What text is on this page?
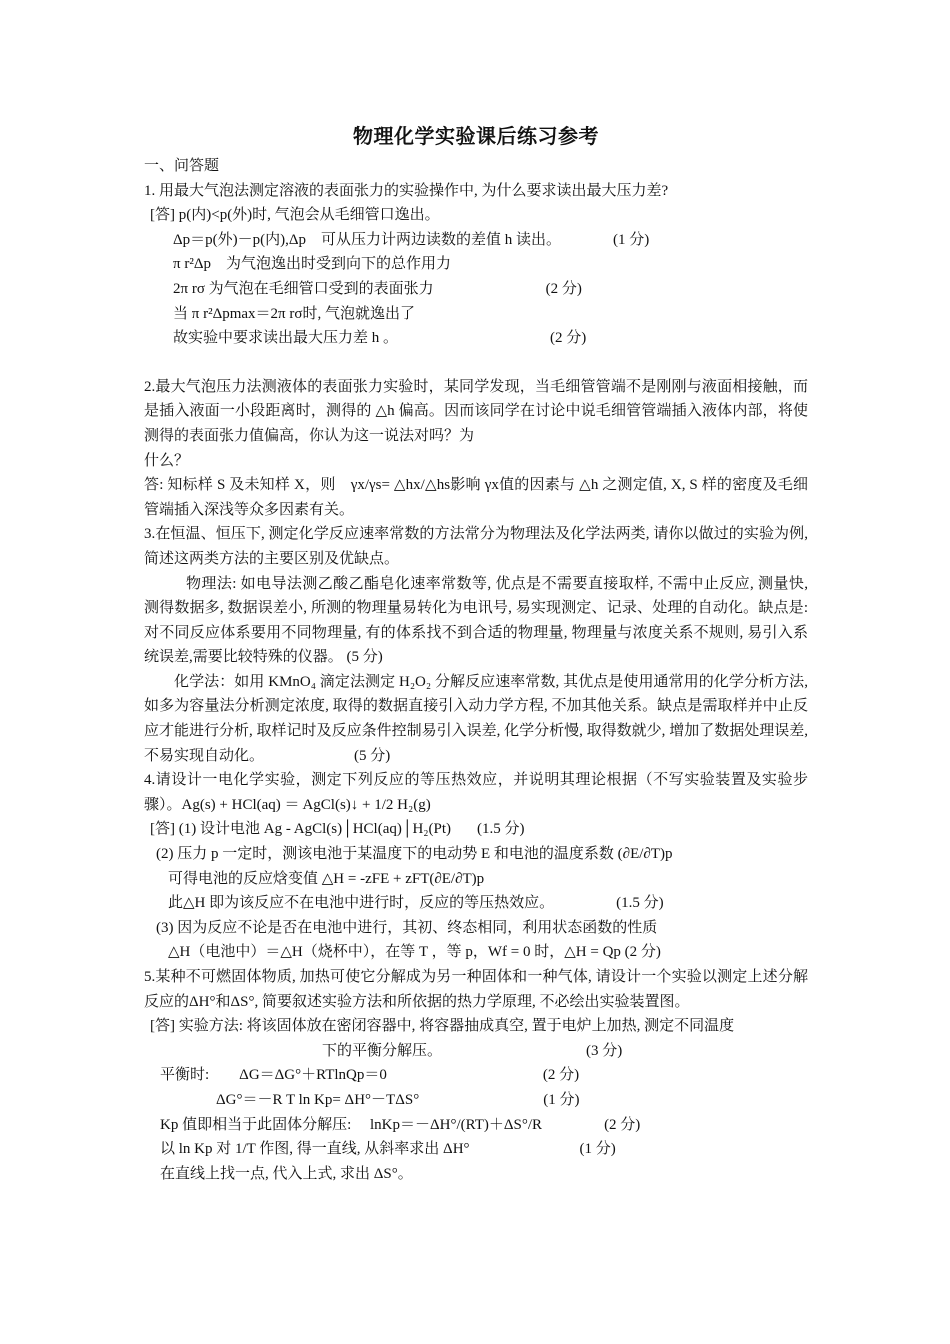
物理化学实验课后练习参考

一、问答题

1. 用最大气泡法测定溶液的表面张力的实验操作中, 为什么要求读出最大压力差?

[答] p(内)<p(外)时, 气泡会从毛细管口逸出。

Δp＝p(外)－p(内),Δp　可从压力计两边读数的差值 h 读出。	(1 分)

π r²Δp　为气泡逸出时受到向下的总作用力

2π rσ 为气泡在毛细管口受到的表面张力	(2 分)

当 π r²Δpmax＝2π rσ时, 气泡就逸出了

故实验中要求读出最大压力差 h 。	(2 分)

2.最大气泡压力法测液体的表面张力实验时，某同学发现，当毛细管管端不是刚刚与液面相接触，而是插入液面一小段距离时，测得的 △h 偏高。因而该同学在讨论中说毛细管管端插入液体内部，将使测得的表面张力值偏高，你认为这一说法对吗？为

什么？

答: 知标样 S 及未知样 X，则　γx/γs= △hx/△hs影响 γx值的因素与 △h 之测定值, X, S 样的密度及毛细管端插入深浅等众多因素有关。

3.在恒温、恒压下, 测定化学反应速率常数的方法常分为物理法及化学法两类, 请你以做过的实验为例, 简述这两类方法的主要区别及优缺点。

物理法: 如电导法测乙酸乙酯皂化速率常数等, 优点是不需要直接取样, 不需中止反应, 测量快, 测得数据多, 数据误差小, 所测的物理量易转化为电讯号, 易实现测定、记录、处理的自动化。缺点是:对不同反应体系要用不同物理量, 有的体系找不到合适的物理量, 物理量与浓度关系不规则, 易引入系统误差,需要比较特殊的仪器。 (5 分)

化学法：如用 KMnO₄ 滴定法测定 H₂O₂ 分解反应速率常数, 其优点是使用通常用的化学分析方法, 如多为容量法分析测定浓度, 取得的数据直接引入动力学方程, 不加其他关系。缺点是需取样并中止反应才能进行分析, 取样记时及反应条件控制易引入误差, 化学分析慢, 取得数就少, 增加了数据处理误差, 不易实现自动化。	(5 分)

4.请设计一电化学实验，测定下列反应的等压热效应，并说明其理论根据（不写实验装置及实验步骤）。Ag(s) + HCl(aq) ＝ AgCl(s)↓ + 1/2 H₂(g)

[答] (1) 设计电池 Ag - AgCl(s)│HCl(aq)│H₂(Pt) (1.5 分)

(2) 压力 p 一定时，测该电池于某温度下的电动势 E 和电池的温度系数 (∂E/∂T)p

可得电池的反应焓变值 △H = -zFE + zFT(∂E/∂T)p

此△H 即为该反应不在电池中进行时，反应的等压热效应。	(1.5 分)

(3) 因为反应不论是否在电池中进行，其初、终态相同，利用状态函数的性质

△H（电池中）＝△H（烧杯中），在等 T ，等 p，Wf = 0 时，△H = Qp (2 分)

5.某种不可燃固体物质, 加热可使它分解成为另一种固体和一种气体, 请设计一个实验以测定上述分解反应的ΔH°和ΔS°, 简要叙述实验方法和所依据的热力学原理, 不必绘出实验装置图。

[答] 实验方法: 将该固体放在密闭容器中, 将容器抽成真空, 置于电炉上加热, 测定不同温度

下的平衡分解压。	(3 分)

平衡时:　　ΔG＝ΔG°＋RTlnQp＝0	(2 分)

ΔG°＝－R T ln Kp= ΔH°－TΔS°	(1 分)

Kp 值即相当于此固体分解压:　 lnKp＝－ΔH°/(RT)＋ΔS°/R	(2 分)

以 ln Kp 对 1/T 作图, 得一直线, 从斜率求出 ΔH°	(1 分)

在直线上找一点, 代入上式, 求出 ΔS°。
